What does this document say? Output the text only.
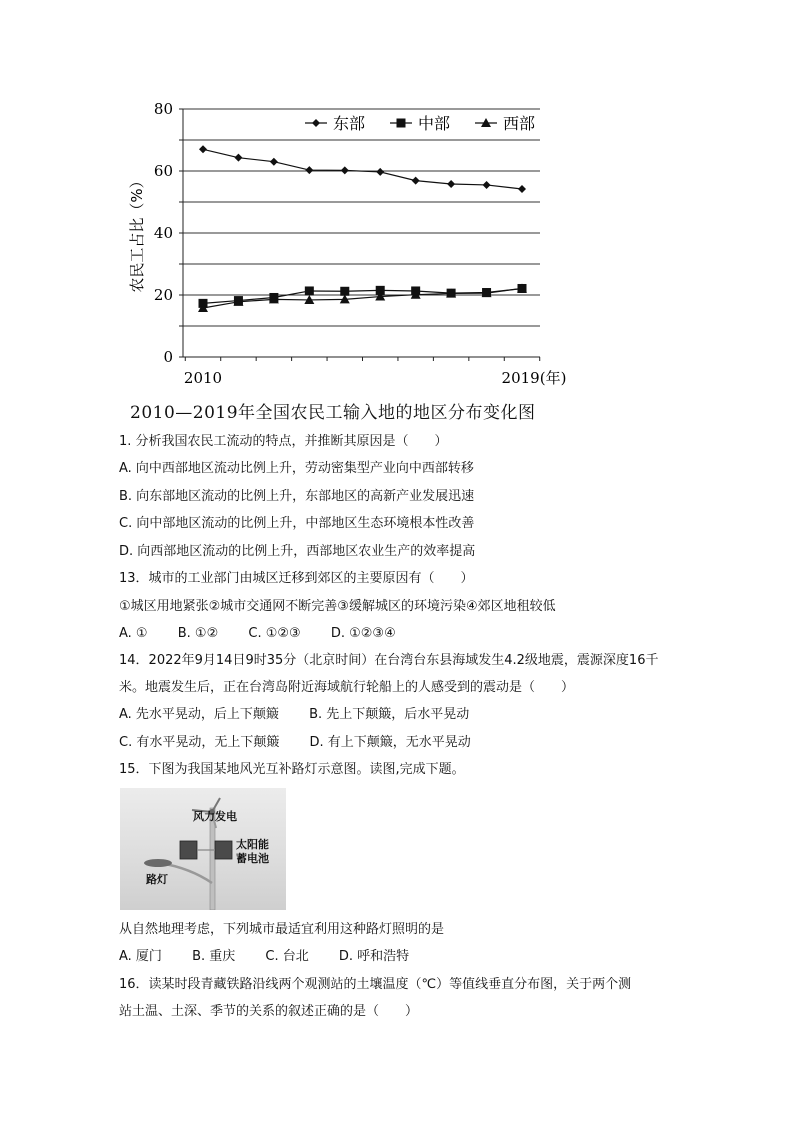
0
20
40
60
80
2010	2019(年)
农民工占比（%）
东部	中部	西部
2010—2019年全国农民工输入地的地区分布变化图
1. 分析我国农民工流动的特点，并推断其原因是（　　）
A. 向中西部地区流动比例上升，劳动密集型产业向中西部转移
B. 向东部地区流动的比例上升，东部地区的高新产业发展迅速
C. 向中部地区流动的比例上升，中部地区生态环境根本性改善
D. 向西部地区流动的比例上升，西部地区农业生产的效率提高
13．城市的工业部门由城区迁移到郊区的主要原因有（　　）
①城区用地紧张②城市交通网不断完善③缓解城区的环境污染④郊区地租较低
A. ① B. ①② C. ①②③ D. ①②③④
14．2022年9月14日9时35分（北京时间）在台湾台东县海域发生4.2级地震，震源深度16千
米。地震发生后，正在台湾岛附近海域航行轮船上的人感受到的震动是（　　）
A. 先水平晃动，后上下颠簸 B. 先上下颠簸，后水平晃动
C. 有水平晃动，无上下颠簸 D. 有上下颠簸，无水平晃动
15．下图为我国某地风光互补路灯示意图。读图,完成下题。
风力发电
太阳能
蓄电池
路灯
从自然地理考虑，下列城市最适宜利用这种路灯照明的是
A. 厦门 B. 重庆 C. 台北 D. 呼和浩特
16．读某时段青藏铁路沿线两个观测站的土壤温度（℃）等值线垂直分布图，关于两个测
站土温、土深、季节的关系的叙述正确的是（　　）
